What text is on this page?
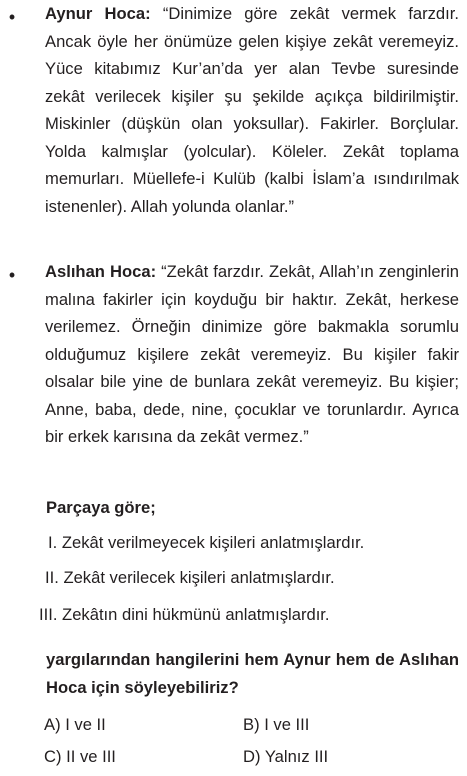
• Aynur Hoca: “Dinimize göre zekât vermek farzdır. Ancak öyle her önümüze gelen kişiye zekât veremeyiz. Yüce kitabımız Kur’an’da yer alan Tevbe suresinde zekât verilecek kişiler şu şekilde açıkça bildirilmiştir. Miskinler (düşkün olan yoksullar). Fakirler. Borçlular. Yolda kalmışlar (yolcular). Köleler. Zekât toplama memurları. Müellefe-i Kulüb (kalbi İslam’a ısındırılmak istenenler). Allah yolunda olanlar.”

• Aslıhan Hoca: “Zekât farzdır. Zekât, Allah’ın zenginlerin malına fakirler için koyduğu bir haktır. Zekât, herkese verilemez. Örneğin dinimize göre bakmakla sorumlu olduğumuz kişilere zekât veremeyiz. Bu kişiler fakir olsalar bile yine de bunlara zekât veremeyiz. Bu kişier; Anne, baba, dede, nine, çocuklar ve torunlardır. Ayrıca bir erkek karısına da zekât vermez.”

Parçaya göre;
I. Zekât verilmeyecek kişileri anlatmışlardır.
II. Zekât verilecek kişileri anlatmışlardır.
III. Zekâtın dini hükmünü anlatmışlardır.

yargılarından hangilerini hem Aynur hem de Aslıhan Hoca için söyleyebiliriz?

A) I ve II	B) I ve III
C) II ve III	D) Yalnız III
